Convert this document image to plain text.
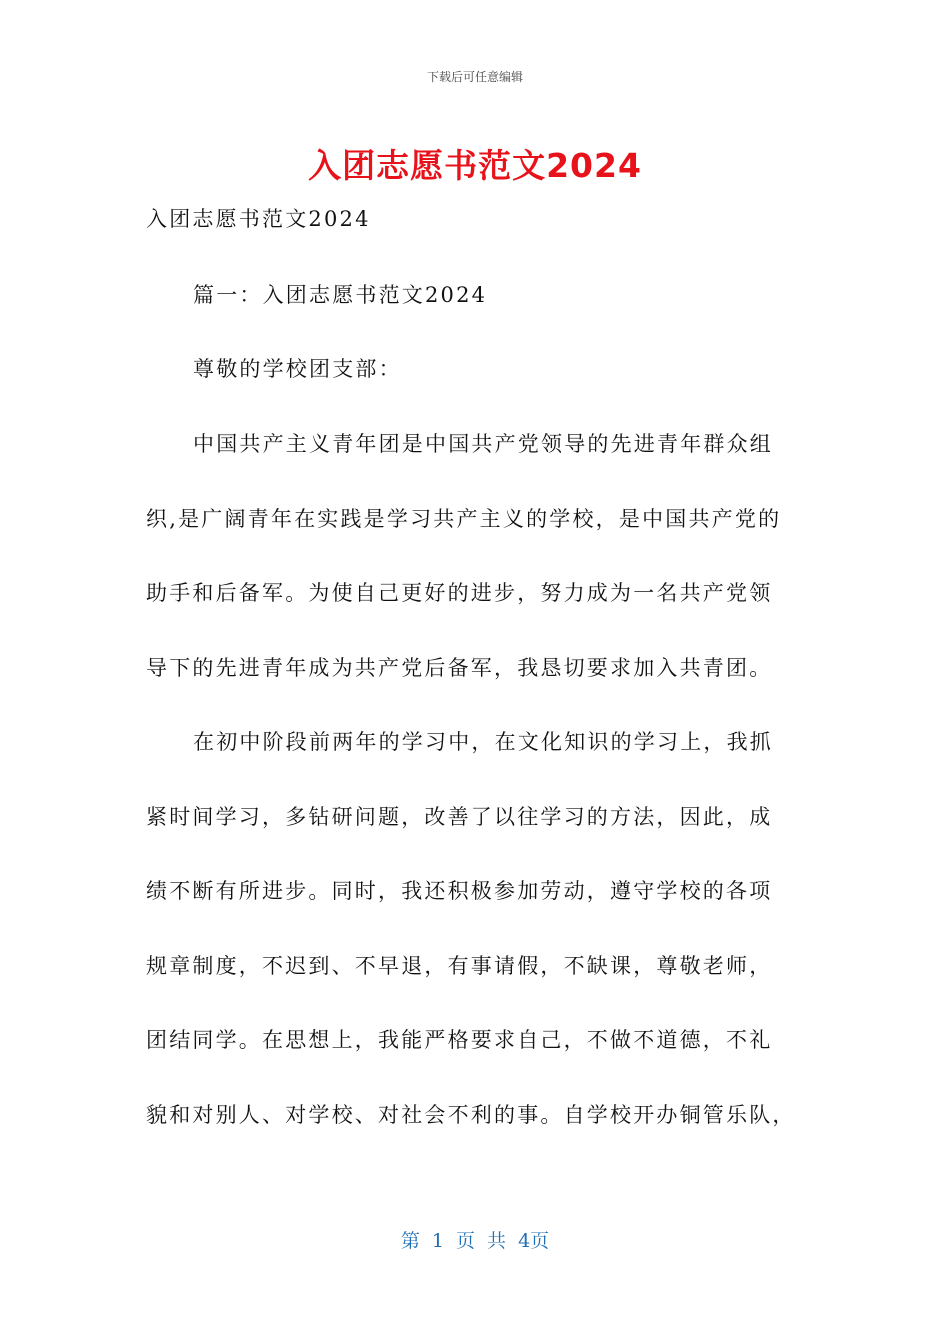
下载后可任意编辑
入团志愿书范文2024
入团志愿书范文2024
篇一：入团志愿书范文2024
尊敬的学校团支部：
中国共产主义青年团是中国共产党领导的先进青年群众组
织,是广阔青年在实践是学习共产主义的学校，是中国共产党的
助手和后备军。为使自己更好的进步，努力成为一名共产党领
导下的先进青年成为共产党后备军，我恳切要求加入共青团。
在初中阶段前两年的学习中，在文化知识的学习上，我抓
紧时间学习，多钻研问题，改善了以往学习的方法，因此，成
绩不断有所进步。同时，我还积极参加劳动，遵守学校的各项
规章制度，不迟到、不早退，有事请假，不缺课，尊敬老师，
团结同学。在思想上，我能严格要求自己，不做不道德，不礼
貌和对别人、对学校、对社会不利的事。自学校开办铜管乐队，
第 1 页 共 4页
